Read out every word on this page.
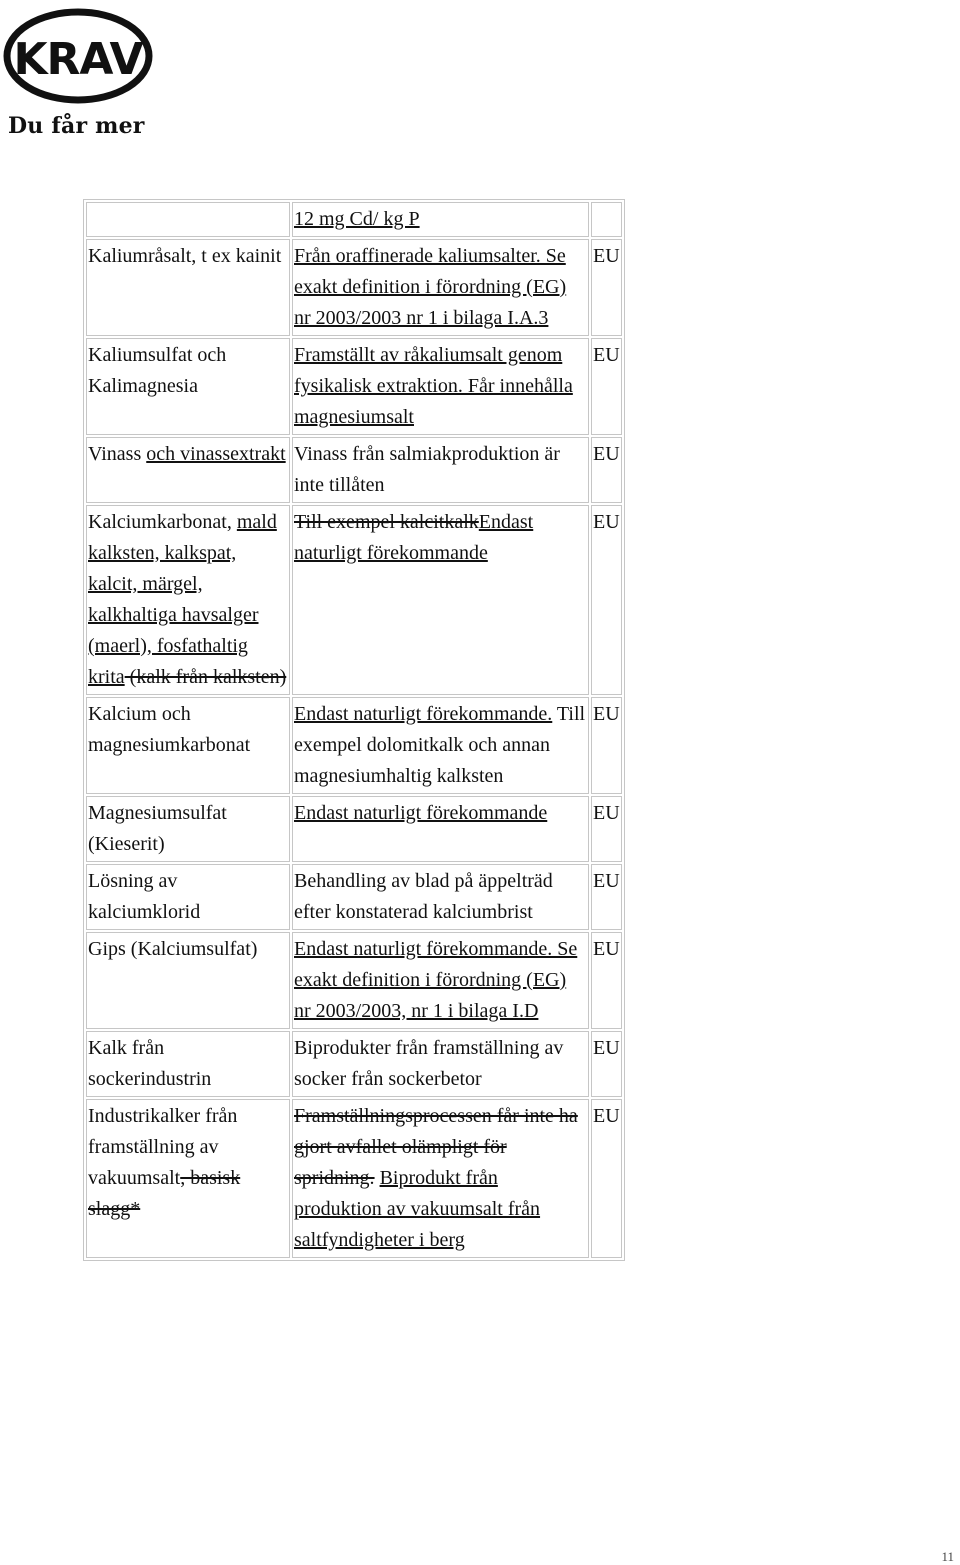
KRAV
Du får mer
	12 mg Cd/ kg P	
Kaliumråsalt, t ex kainit	Från oraffinerade kaliumsalter. Se exakt definition i förordning (EG) nr 2003/2003 nr 1 i bilaga I.A.3	EU
Kaliumsulfat och Kalimagnesia	Framställt av råkaliumsalt genom fysikalisk extraktion. Får innehålla magnesiumsalt	EU
Vinass och vinassextrakt	Vinass från salmiakproduktion är inte tillåten	EU
Kalciumkarbonat, mald kalksten, kalkspat, kalcit, märgel, kalkhaltiga havsalger (maerl), fosfathaltig krita (kalk från kalksten)	Till exempel kalcitkalkEndast naturligt förekommande	EU
Kalcium och magnesiumkarbonat	Endast naturligt förekommande. Till exempel dolomitkalk och annan magnesiumhaltig kalksten	EU
Magnesiumsulfat (Kieserit)	Endast naturligt förekommande	EU
Lösning av kalciumklorid	Behandling av blad på äppelträd efter konstaterad kalciumbrist	EU
Gips (Kalciumsulfat)	Endast naturligt förekommande. Se exakt definition i förordning (EG) nr 2003/2003, nr 1 i bilaga I.D	EU
Kalk från sockerindustrin	Biprodukter från framställning av socker från sockerbetor	EU
Industrikalker från framställning av vakuumsalt, basisk slagg*	Framställningsprocessen får inte ha gjort avfallet olämpligt för spridning. Biprodukt från produktion av vakuumsalt från saltfyndigheter i berg	EU
11
